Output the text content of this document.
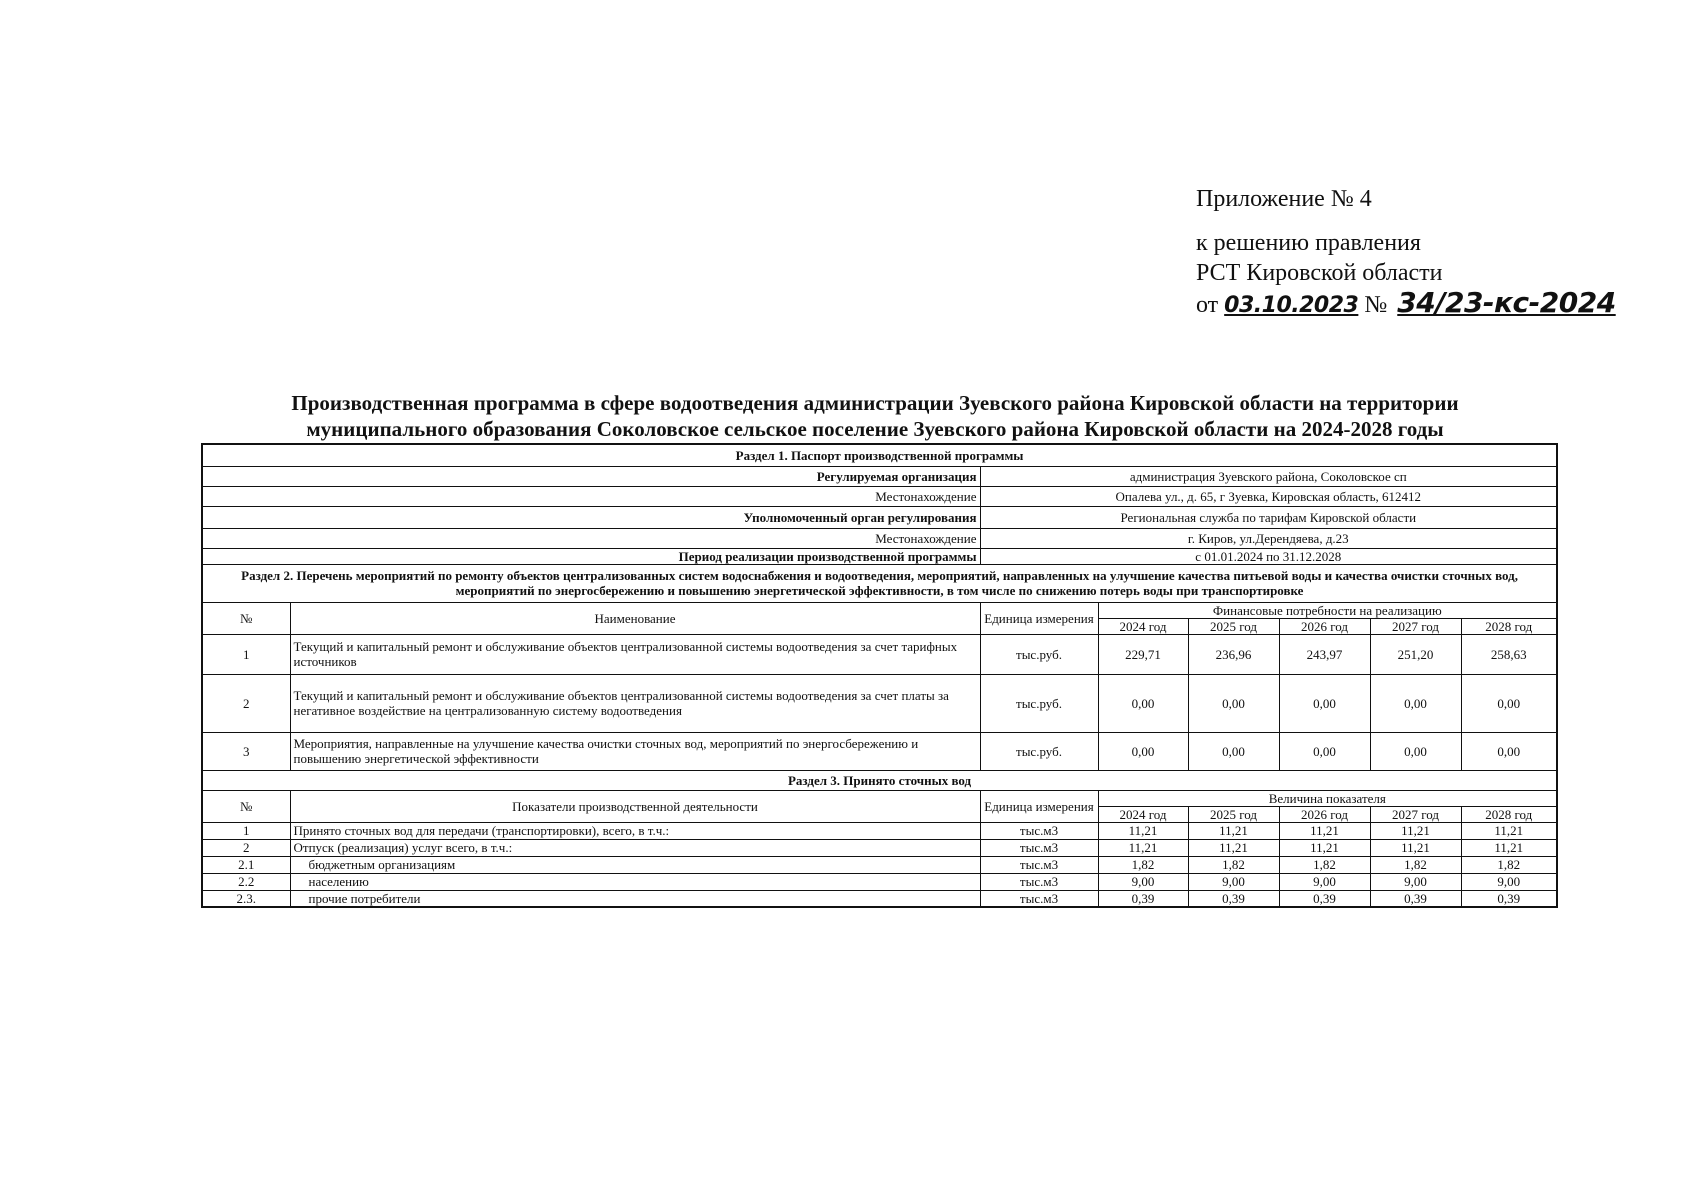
Приложение № 4
к решению правления
РСТ Кировской области
от 03.10.2023 № 34/23-кс-2024
Производственная программа в сфере водоотведения администрации Зуевского района Кировской области на территории
муниципального образования Соколовское сельское поселение Зуевского района Кировской области на 2024-2028 годы
Раздел 1. Паспорт производственной программы							
Регулируемая организация		администрация Зуевского района, Соколовское сп					
Местонахождение		Опалева ул., д. 65, г Зуевка, Кировская область, 612412					
Уполномоченный орган регулирования		Региональная служба по тарифам Кировской области					
Местонахождение		г. Киров, ул.Дерендяева, д.23					
Период реализации производственной программы		с 01.01.2024 по 31.12.2028					
Раздел 2. Перечень мероприятий по ремонту объектов централизованных систем водоснабжения и водоотведения, мероприятий, направленных на улучшение качества питьевой воды и качества очистки сточных вод, мероприятий по энергосбережению и повышению энергетической эффективности, в том числе по снижению потерь воды при транспортировке							
№	Наименование	Единица измерения	Финансовые потребности на реализацию				
			2024 год	2025 год	2026 год	2027 год	2028 год
1	Текущий и капитальный ремонт и обслуживание объектов централизованной системы водоотведения за счет тарифных источников	тыс.руб.	229,71	236,96	243,97	251,20	258,63
2	Текущий и капитальный ремонт и обслуживание объектов централизованной системы водоотведения за счет платы за негативное воздействие на централизованную систему водоотведения	тыс.руб.	0,00	0,00	0,00	0,00	0,00
3	Мероприятия, направленные на улучшение качества очистки сточных вод, мероприятий по энергосбережению и повышению энергетической эффективности	тыс.руб.	0,00	0,00	0,00	0,00	0,00
Раздел 3. Принято сточных вод							
№	Показатели производственной деятельности	Единица измерения	Величина показателя				
			2024 год	2025 год	2026 год	2027 год	2028 год
1	Принято сточных вод для передачи (транспортировки), всего, в т.ч.:	тыс.м3	11,21	11,21	11,21	11,21	11,21
2	Отпуск (реализация) услуг всего, в т.ч.:	тыс.м3	11,21	11,21	11,21	11,21	11,21
2.1	бюджетным организациям	тыс.м3	1,82	1,82	1,82	1,82	1,82
2.2	населению	тыс.м3	9,00	9,00	9,00	9,00	9,00
2.3.	прочие потребители	тыс.м3	0,39	0,39	0,39	0,39	0,39
